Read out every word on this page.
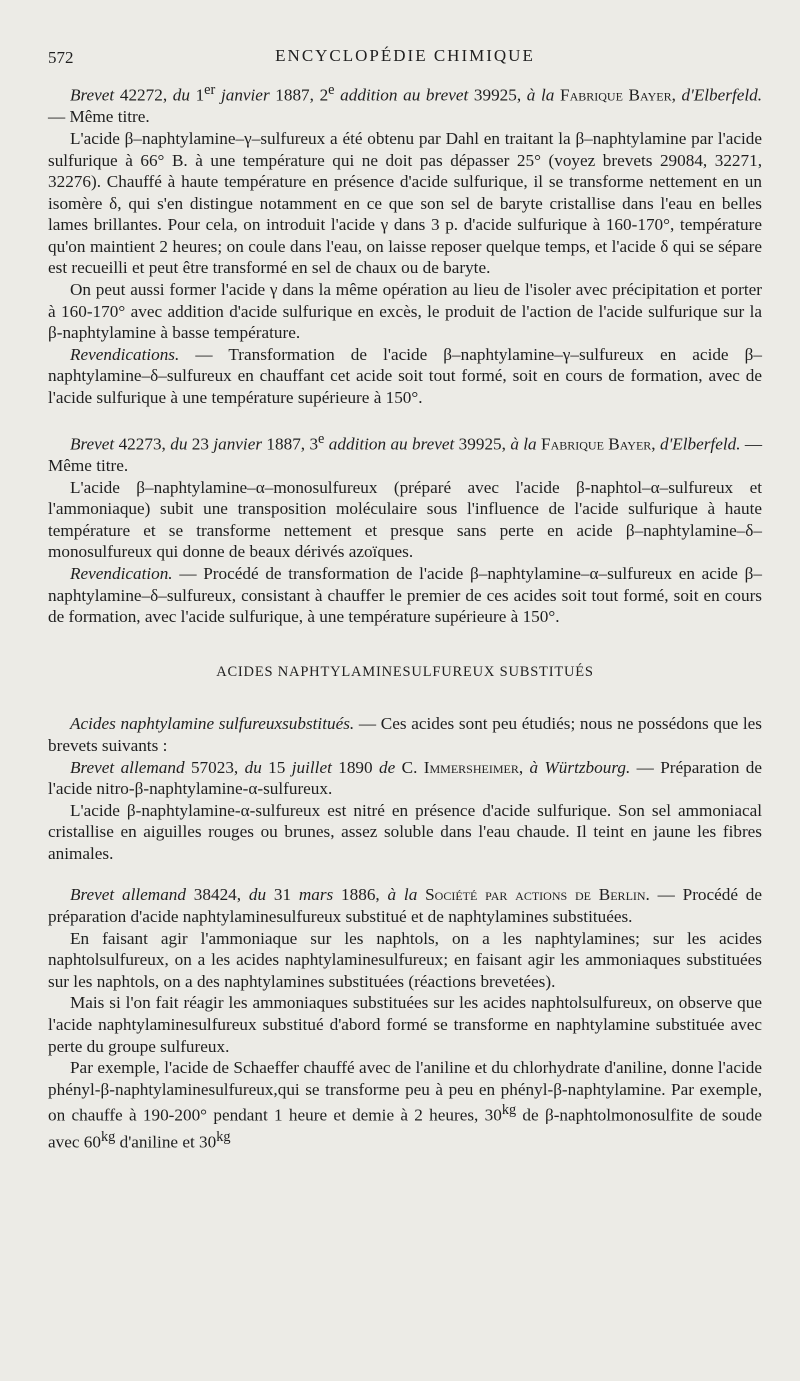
572	ENCYCLOPÉDIE CHIMIQUE

Brevet 42272, du 1er janvier 1887, 2e addition au brevet 39925, à la Fabrique Bayer, d'Elberfeld. — Même titre.

L'acide β–naphtylamine–γ–sulfureux a été obtenu par Dahl en traitant la β–naphtylamine par l'acide sulfurique à 66° B. à une température qui ne doit pas dépasser 25° (voyez brevets 29084, 32271, 32276). Chauffé à haute température en présence d'acide sulfurique, il se transforme nettement en un isomère δ, qui s'en distingue notamment en ce que son sel de baryte cristallise dans l'eau en belles lames brillantes. Pour cela, on introduit l'acide γ dans 3 p. d'acide sulfurique à 160-170°, température qu'on maintient 2 heures; on coule dans l'eau, on laisse reposer quelque temps, et l'acide δ qui se sépare est recueilli et peut être transformé en sel de chaux ou de baryte.

On peut aussi former l'acide γ dans la même opération au lieu de l'isoler avec précipitation et porter à 160-170° avec addition d'acide sulfurique en excès, le produit de l'action de l'acide sulfurique sur la β-naphtylamine à basse température.

Revendications. — Transformation de l'acide β–naphtylamine–γ–sulfureux en acide β–naphtylamine–δ–sulfureux en chauffant cet acide soit tout formé, soit en cours de formation, avec de l'acide sulfurique à une température supérieure à 150°.

Brevet 42273, du 23 janvier 1887, 3e addition au brevet 39925, à la Fabrique Bayer, d'Elberfeld. — Même titre.

L'acide β–naphtylamine–α–monosulfureux (préparé avec l'acide β-naphtol–α–sulfureux et l'ammoniaque) subit une transposition moléculaire sous l'influence de l'acide sulfurique à haute température et se transforme nettement et presque sans perte en acide β–naphtylamine–δ–monosulfureux qui donne de beaux dérivés azoïques.

Revendication. — Procédé de transformation de l'acide β–naphtylamine–α–sulfureux en acide β–naphtylamine–δ–sulfureux, consistant à chauffer le premier de ces acides soit tout formé, soit en cours de formation, avec l'acide sulfurique, à une température supérieure à 150°.

ACIDES NAPHTYLAMINESULFUREUX SUBSTITUÉS

Acides naphtylamine sulfureuxsubstitués. — Ces acides sont peu étudiés; nous ne possédons que les brevets suivants :

Brevet allemand 57023, du 15 juillet 1890 de C. Immersheimer, à Würtzbourg. — Préparation de l'acide nitro-β-naphtylamine-α-sulfureux.

L'acide β-naphtylamine-α-sulfureux est nitré en présence d'acide sulfurique. Son sel ammoniacal cristallise en aiguilles rouges ou brunes, assez soluble dans l'eau chaude. Il teint en jaune les fibres animales.

Brevet allemand 38424, du 31 mars 1886, à la Société par actions de Berlin. — Procédé de préparation d'acide naphtylaminesulfureux substitué et de naphtylamines substituées.

En faisant agir l'ammoniaque sur les naphtols, on a les naphtylamines; sur les acides naphtolsulfureux, on a les acides naphtylaminesulfureux; en faisant agir les ammoniaques substituées sur les naphtols, on a des naphtylamines substituées (réactions brevetées).

Mais si l'on fait réagir les ammoniaques substituées sur les acides naphtolsulfureux, on observe que l'acide naphtylaminesulfureux substitué d'abord formé se transforme en naphtylamine substituée avec perte du groupe sulfureux.

Par exemple, l'acide de Schaeffer chauffé avec de l'aniline et du chlorhydrate d'aniline, donne l'acide phényl-β-naphtylaminesulfureux,qui se transforme peu à peu en phényl-β-naphtylamine. Par exemple, on chauffe à 190-200° pendant 1 heure et demie à 2 heures, $30^{kg}$ de β-naphtolmonosulfite de soude avec $60^{kg}$ d'aniline et $30^{kg}$
